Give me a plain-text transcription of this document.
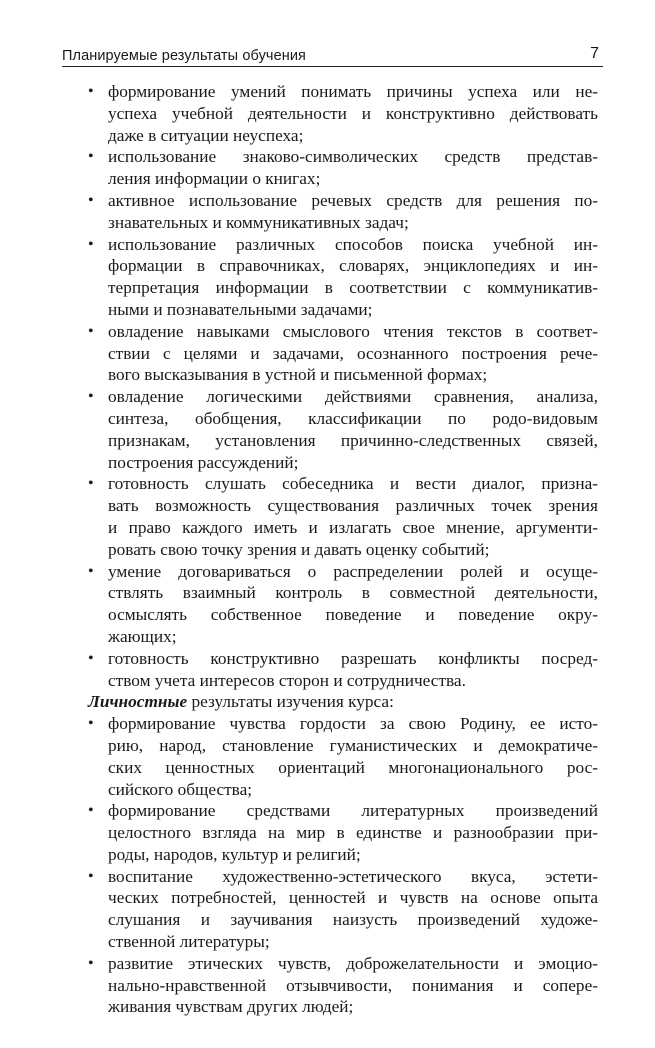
Планируемые результаты обучения	7
• формирование умений понимать причины успеха или не-
успеха учебной деятельности и конструктивно действовать
даже в ситуации неуспеха;
• использование знаково-символических средств представ-
ления информации о книгах;
• активное использование речевых средств для решения по-
знавательных и коммуникативных задач;
• использование различных способов поиска учебной ин-
формации в справочниках, словарях, энциклопедиях и ин-
терпретация информации в соответствии с коммуникатив-
ными и познавательными задачами;
• овладение навыками смыслового чтения текстов в соответ-
ствии с целями и задачами, осознанного построения рече-
вого высказывания в устной и письменной формах;
• овладение логическими действиями сравнения, анализа,
синтеза, обобщения, классификации по родо-видовым
признакам, установления причинно-следственных связей,
построения рассуждений;
• готовность слушать собеседника и вести диалог, призна-
вать возможность существования различных точек зрения
и право каждого иметь и излагать свое мнение, аргументи-
ровать свою точку зрения и давать оценку событий;
• умение договариваться о распределении ролей и осуще-
ствлять взаимный контроль в совместной деятельности,
осмыслять собственное поведение и поведение окру-
жающих;
• готовность конструктивно разрешать конфликты посред-
ством учета интересов сторон и сотрудничества.

Личностные результаты изучения курса:

• формирование чувства гордости за свою Родину, ее исто-
рию, народ, становление гуманистических и демократиче-
ских ценностных ориентаций многонационального рос-
сийского общества;
• формирование средствами литературных произведений
целостного взгляда на мир в единстве и разнообразии при-
роды, народов, культур и религий;
• воспитание художественно-эстетического вкуса, эстети-
ческих потребностей, ценностей и чувств на основе опыта
слушания и заучивания наизусть произведений художе-
ственной литературы;
• развитие этических чувств, доброжелательности и эмоцио-
нально-нравственной отзывчивости, понимания и сопере-
живания чувствам других людей;
